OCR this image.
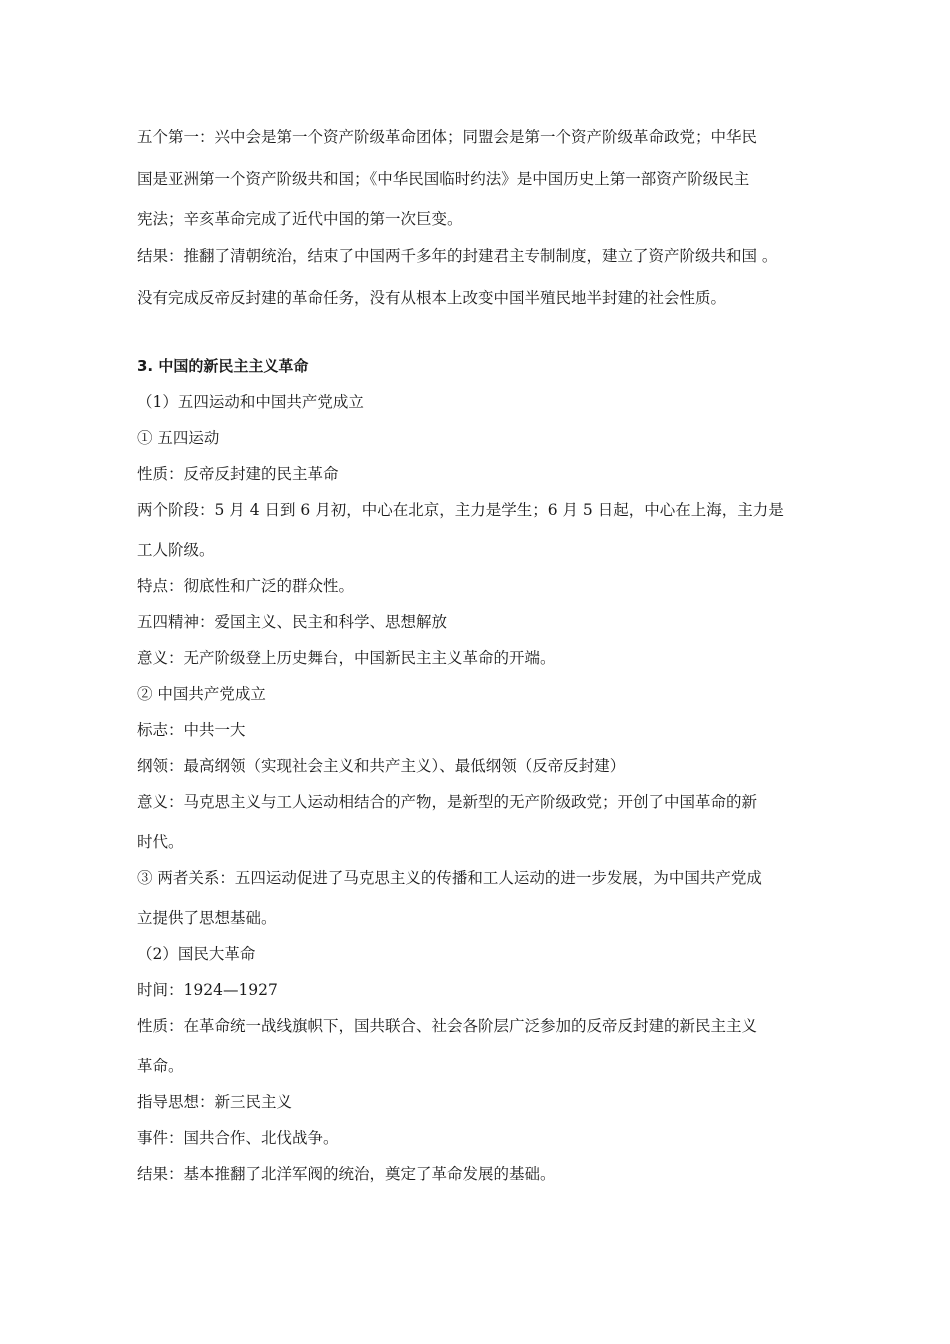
五个第一：兴中会是第一个资产阶级革命团体；同盟会是第一个资产阶级革命政党；中华民
国是亚洲第一个资产阶级共和国；《中华民国临时约法》是中国历史上第一部资产阶级民主
宪法；辛亥革命完成了近代中国的第一次巨变。
结果：推翻了清朝统治，结束了中国两千多年的封建君主专制制度，建立了资产阶级共和国 。
没有完成反帝反封建的革命任务，没有从根本上改变中国半殖民地半封建的社会性质。
3. 中国的新民主主义革命
（1）五四运动和中国共产党成立
① 五四运动
性质：反帝反封建的民主革命
两个阶段：5 月 4 日到 6 月初，中心在北京，主力是学生；6 月 5 日起，中心在上海，主力是
工人阶级。
特点：彻底性和广泛的群众性。
五四精神：爱国主义、民主和科学、思想解放
意义：无产阶级登上历史舞台，中国新民主主义革命的开端。
② 中国共产党成立
标志：中共一大
纲领：最高纲领（实现社会主义和共产主义）、最低纲领（反帝反封建）
意义：马克思主义与工人运动相结合的产物，是新型的无产阶级政党；开创了中国革命的新
时代。
③ 两者关系：五四运动促进了马克思主义的传播和工人运动的进一步发展，为中国共产党成
立提供了思想基础。
（2）国民大革命
时间：1924—1927
性质：在革命统一战线旗帜下，国共联合、社会各阶层广泛参加的反帝反封建的新民主主义
革命。
指导思想：新三民主义
事件：国共合作、北伐战争。
结果：基本推翻了北洋军阀的统治，奠定了革命发展的基础。
